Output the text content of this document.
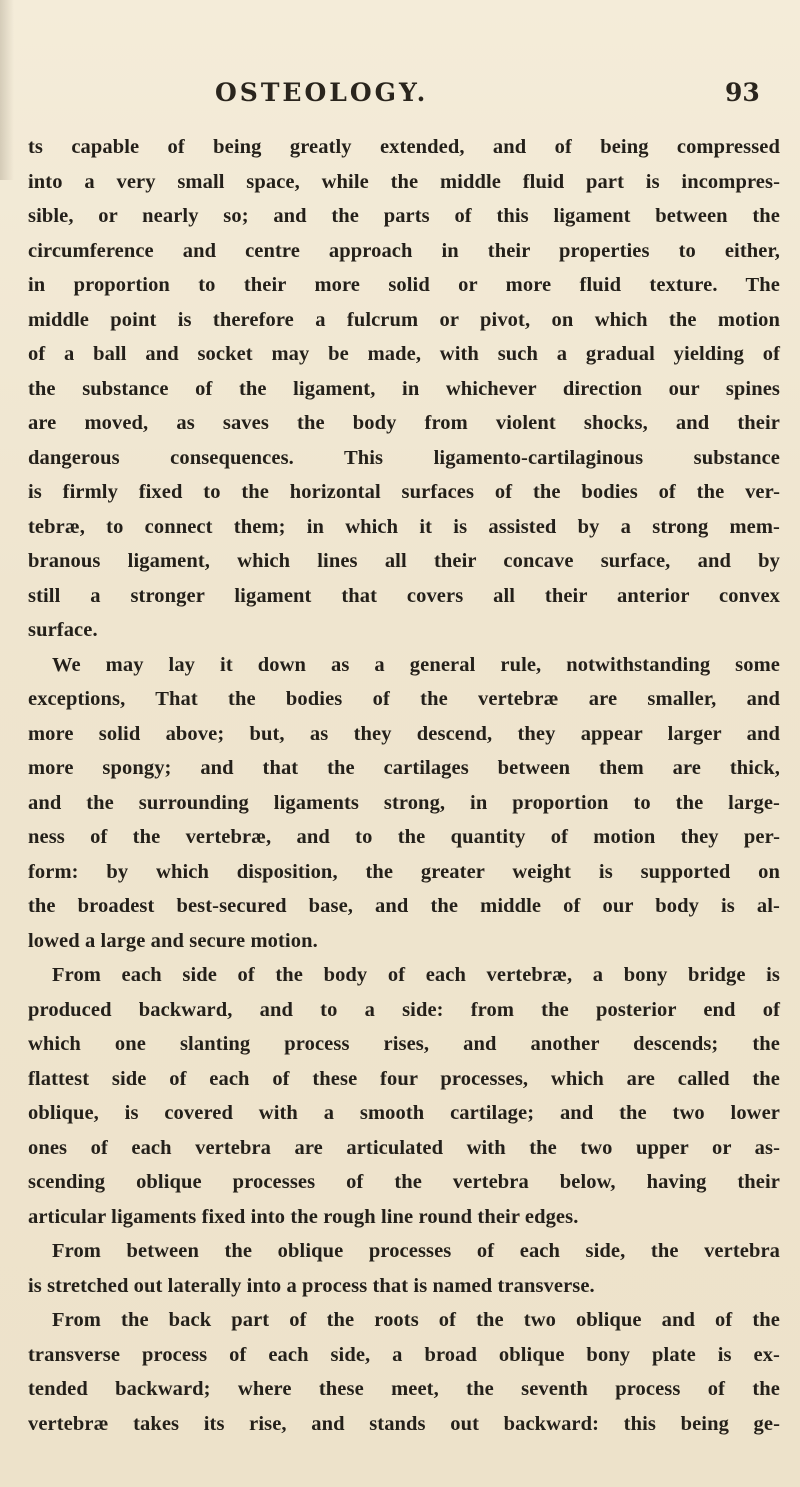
OSTEOLOGY.	93
ts capable of being greatly extended, and of being compressed
into a very small space, while the middle fluid part is incompres-
sible, or nearly so; and the parts of this ligament between the
circumference and centre approach in their properties to either,
in proportion to their more solid or more fluid texture. The
middle point is therefore a fulcrum or pivot, on which the motion
of a ball and socket may be made, with such a gradual yielding of
the substance of the ligament, in whichever direction our spines
are moved, as saves the body from violent shocks, and their
dangerous consequences. This ligamento-cartilaginous substance
is firmly fixed to the horizontal surfaces of the bodies of the ver-
tebræ, to connect them; in which it is assisted by a strong mem-
branous ligament, which lines all their concave surface, and by
still a stronger ligament that covers all their anterior convex
surface.
We may lay it down as a general rule, notwithstanding some
exceptions, That the bodies of the vertebræ are smaller, and
more solid above; but, as they descend, they appear larger and
more spongy; and that the cartilages between them are thick,
and the surrounding ligaments strong, in proportion to the large-
ness of the vertebræ, and to the quantity of motion they per-
form: by which disposition, the greater weight is supported on
the broadest best-secured base, and the middle of our body is al-
lowed a large and secure motion.
From each side of the body of each vertebræ, a bony bridge is
produced backward, and to a side: from the posterior end of
which one slanting process rises, and another descends; the
flattest side of each of these four processes, which are called the
oblique, is covered with a smooth cartilage; and the two lower
ones of each vertebra are articulated with the two upper or as-
scending oblique processes of the vertebra below, having their
articular ligaments fixed into the rough line round their edges.
From between the oblique processes of each side, the vertebra
is stretched out laterally into a process that is named transverse.
From the back part of the roots of the two oblique and of the
transverse process of each side, a broad oblique bony plate is ex-
tended backward; where these meet, the seventh process of the
vertebræ takes its rise, and stands out backward: this being ge-
